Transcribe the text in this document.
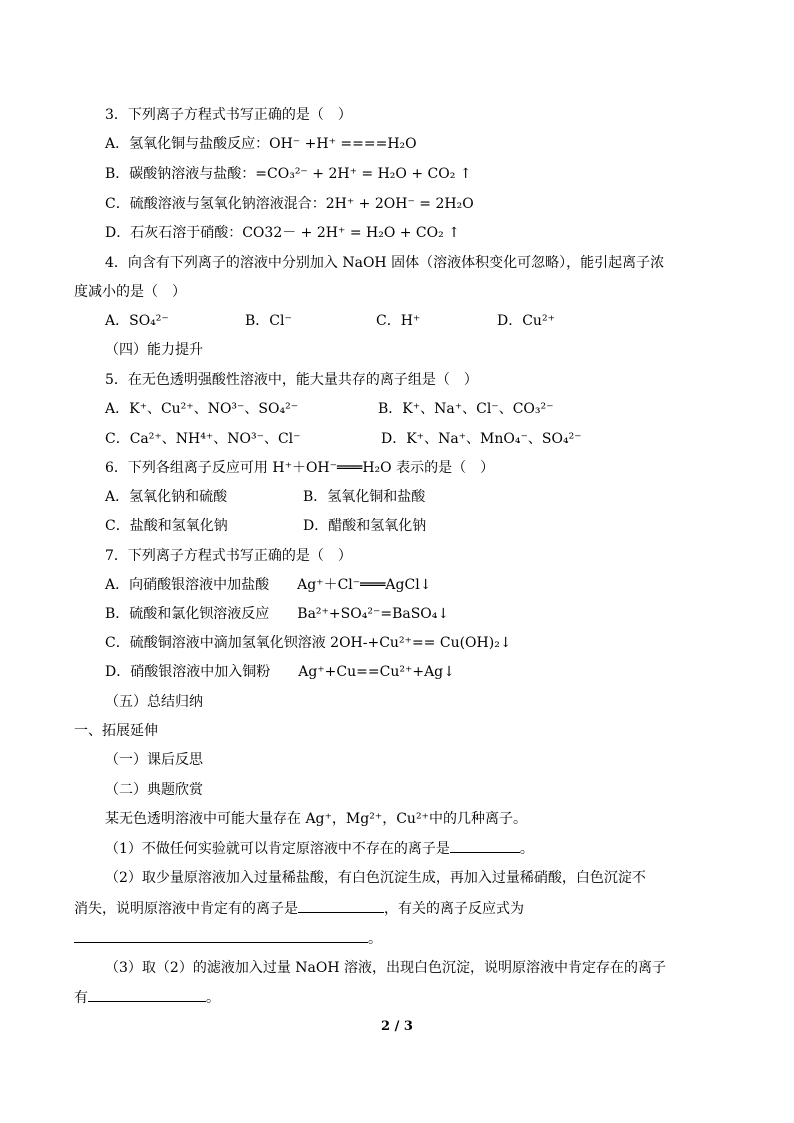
3．下列离子方程式书写正确的是（　）
A．氢氧化铜与盐酸反应：OH⁻ +H⁺ ====H₂O
B．碳酸钠溶液与盐酸：=CO₃²⁻ + 2H⁺ = H₂O + CO₂ ↑
C．硫酸溶液与氢氧化钠溶液混合：2H⁺ + 2OH⁻ = 2H₂O
D．石灰石溶于硝酸：CO32－ + 2H⁺ = H₂O + CO₂ ↑
4．向含有下列离子的溶液中分别加入 NaOH 固体（溶液体积变化可忽略），能引起离子浓
度减小的是（　）
A．SO₄²⁻	B．Cl⁻	C．H⁺	D．Cu²⁺
（四）能力提升
5．在无色透明强酸性溶液中，能大量共存的离子组是（　）
A．K⁺、Cu²⁺、NO³⁻、SO₄²⁻	B．K⁺、Na⁺、Cl⁻、CO₃²⁻
C．Ca²⁺、NH⁴⁺、NO³⁻、Cl⁻	D．K⁺、Na⁺、MnO₄⁻、SO₄²⁻
6．下列各组离子反应可用 H⁺＋OH⁻═══H₂O 表示的是（　）
A．氢氧化钠和硫酸	B．氢氧化铜和盐酸
C．盐酸和氢氧化钠	D．醋酸和氢氧化钠
7．下列离子方程式书写正确的是（　）
A．向硝酸银溶液中加盐酸　　Ag⁺＋Cl⁻═══AgCl↓
B．硫酸和氯化钡溶液反应　　Ba²⁺+SO₄²⁻=BaSO₄↓
C．硫酸铜溶液中滴加氢氧化钡溶液 2OH-+Cu²⁺== Cu(OH)₂↓
D．硝酸银溶液中加入铜粉　　Ag⁺+Cu==Cu²⁺+Ag↓
（五）总结归纳
一、拓展延伸
（一）课后反思
（二）典题欣赏
某无色透明溶液中可能大量存在 Ag⁺，Mg²⁺，Cu²⁺中的几种离子。
（1）不做任何实验就可以肯定原溶液中不存在的离子是	。
（2）取少量原溶液加入过量稀盐酸，有白色沉淀生成，再加入过量稀硝酸，白色沉淀不
消失，说明原溶液中肯定有的离子是	，有关的离子反应式为
。
（3）取（2）的滤液加入过量 NaOH 溶液，出现白色沉淀，说明原溶液中肯定存在的离子
有	。
2 / 3
